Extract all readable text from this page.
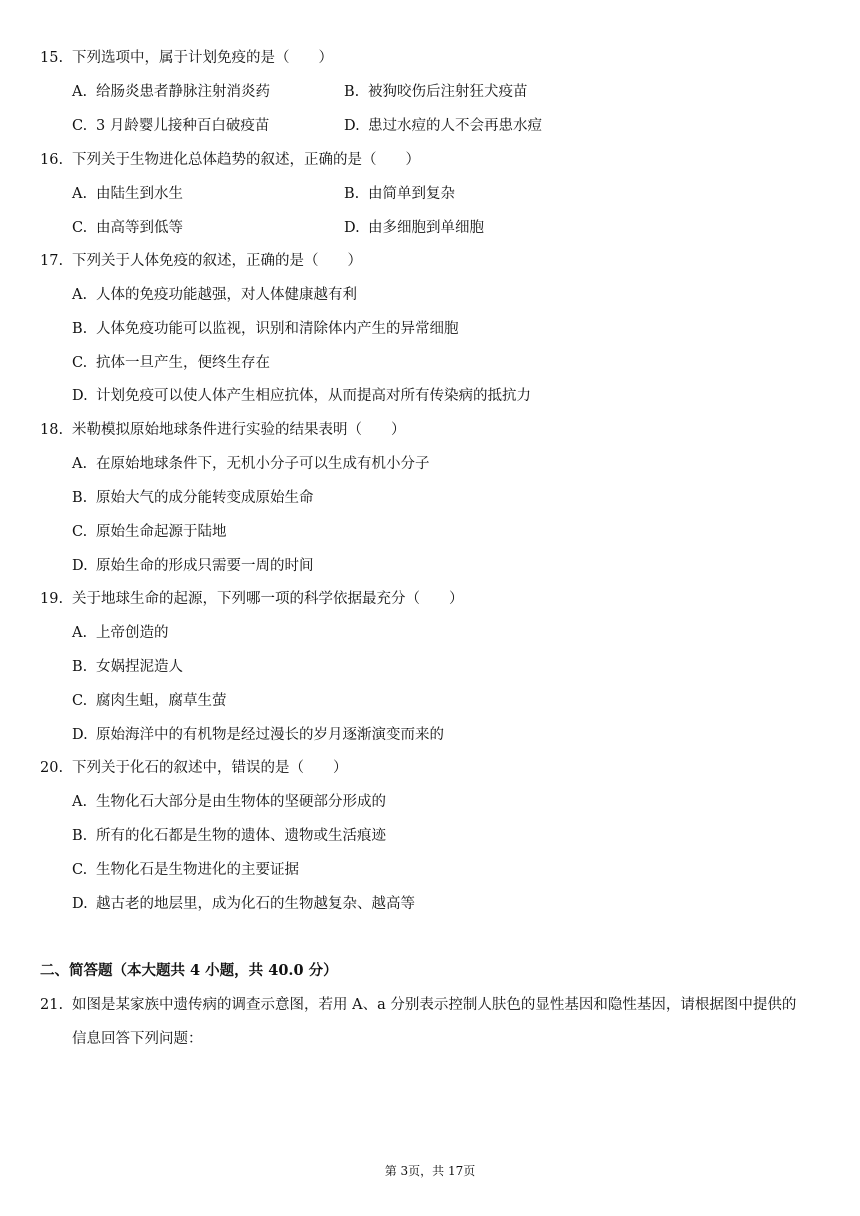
15. 下列选项中，属于计划免疫的是（　　）
A. 给肠炎患者静脉注射消炎药	B. 被狗咬伤后注射狂犬疫苗
C. 3 月龄婴儿接种百白破疫苗	D. 患过水痘的人不会再患水痘
16. 下列关于生物进化总体趋势的叙述，正确的是（　　）
A. 由陆生到水生	B. 由简单到复杂
C. 由高等到低等	D. 由多细胞到单细胞
17. 下列关于人体免疫的叙述，正确的是（　　）
A. 人体的免疫功能越强，对人体健康越有利
B. 人体免疫功能可以监视，识别和清除体内产生的异常细胞
C. 抗体一旦产生，便终生存在
D. 计划免疫可以使人体产生相应抗体，从而提高对所有传染病的抵抗力
18. 米勒模拟原始地球条件进行实验的结果表明（　　）
A. 在原始地球条件下，无机小分子可以生成有机小分子
B. 原始大气的成分能转变成原始生命
C. 原始生命起源于陆地
D. 原始生命的形成只需要一周的时间
19. 关于地球生命的起源，下列哪一项的科学依据最充分（　　）
A. 上帝创造的
B. 女娲捏泥造人
C. 腐肉生蛆，腐草生萤
D. 原始海洋中的有机物是经过漫长的岁月逐渐演变而来的
20. 下列关于化石的叙述中，错误的是（　　）
A. 生物化石大部分是由生物体的坚硬部分形成的
B. 所有的化石都是生物的遗体、遗物或生活痕迹
C. 生物化石是生物进化的主要证据
D. 越古老的地层里，成为化石的生物越复杂、越高等
二、简答题（本大题共 4 小题，共 40.0 分）
21. 如图是某家族中遗传病的调查示意图，若用 A、a 分别表示控制人肤色的显性基因和隐性基因，请根据图中提供的
信息回答下列问题：
第 3页，共 17页
